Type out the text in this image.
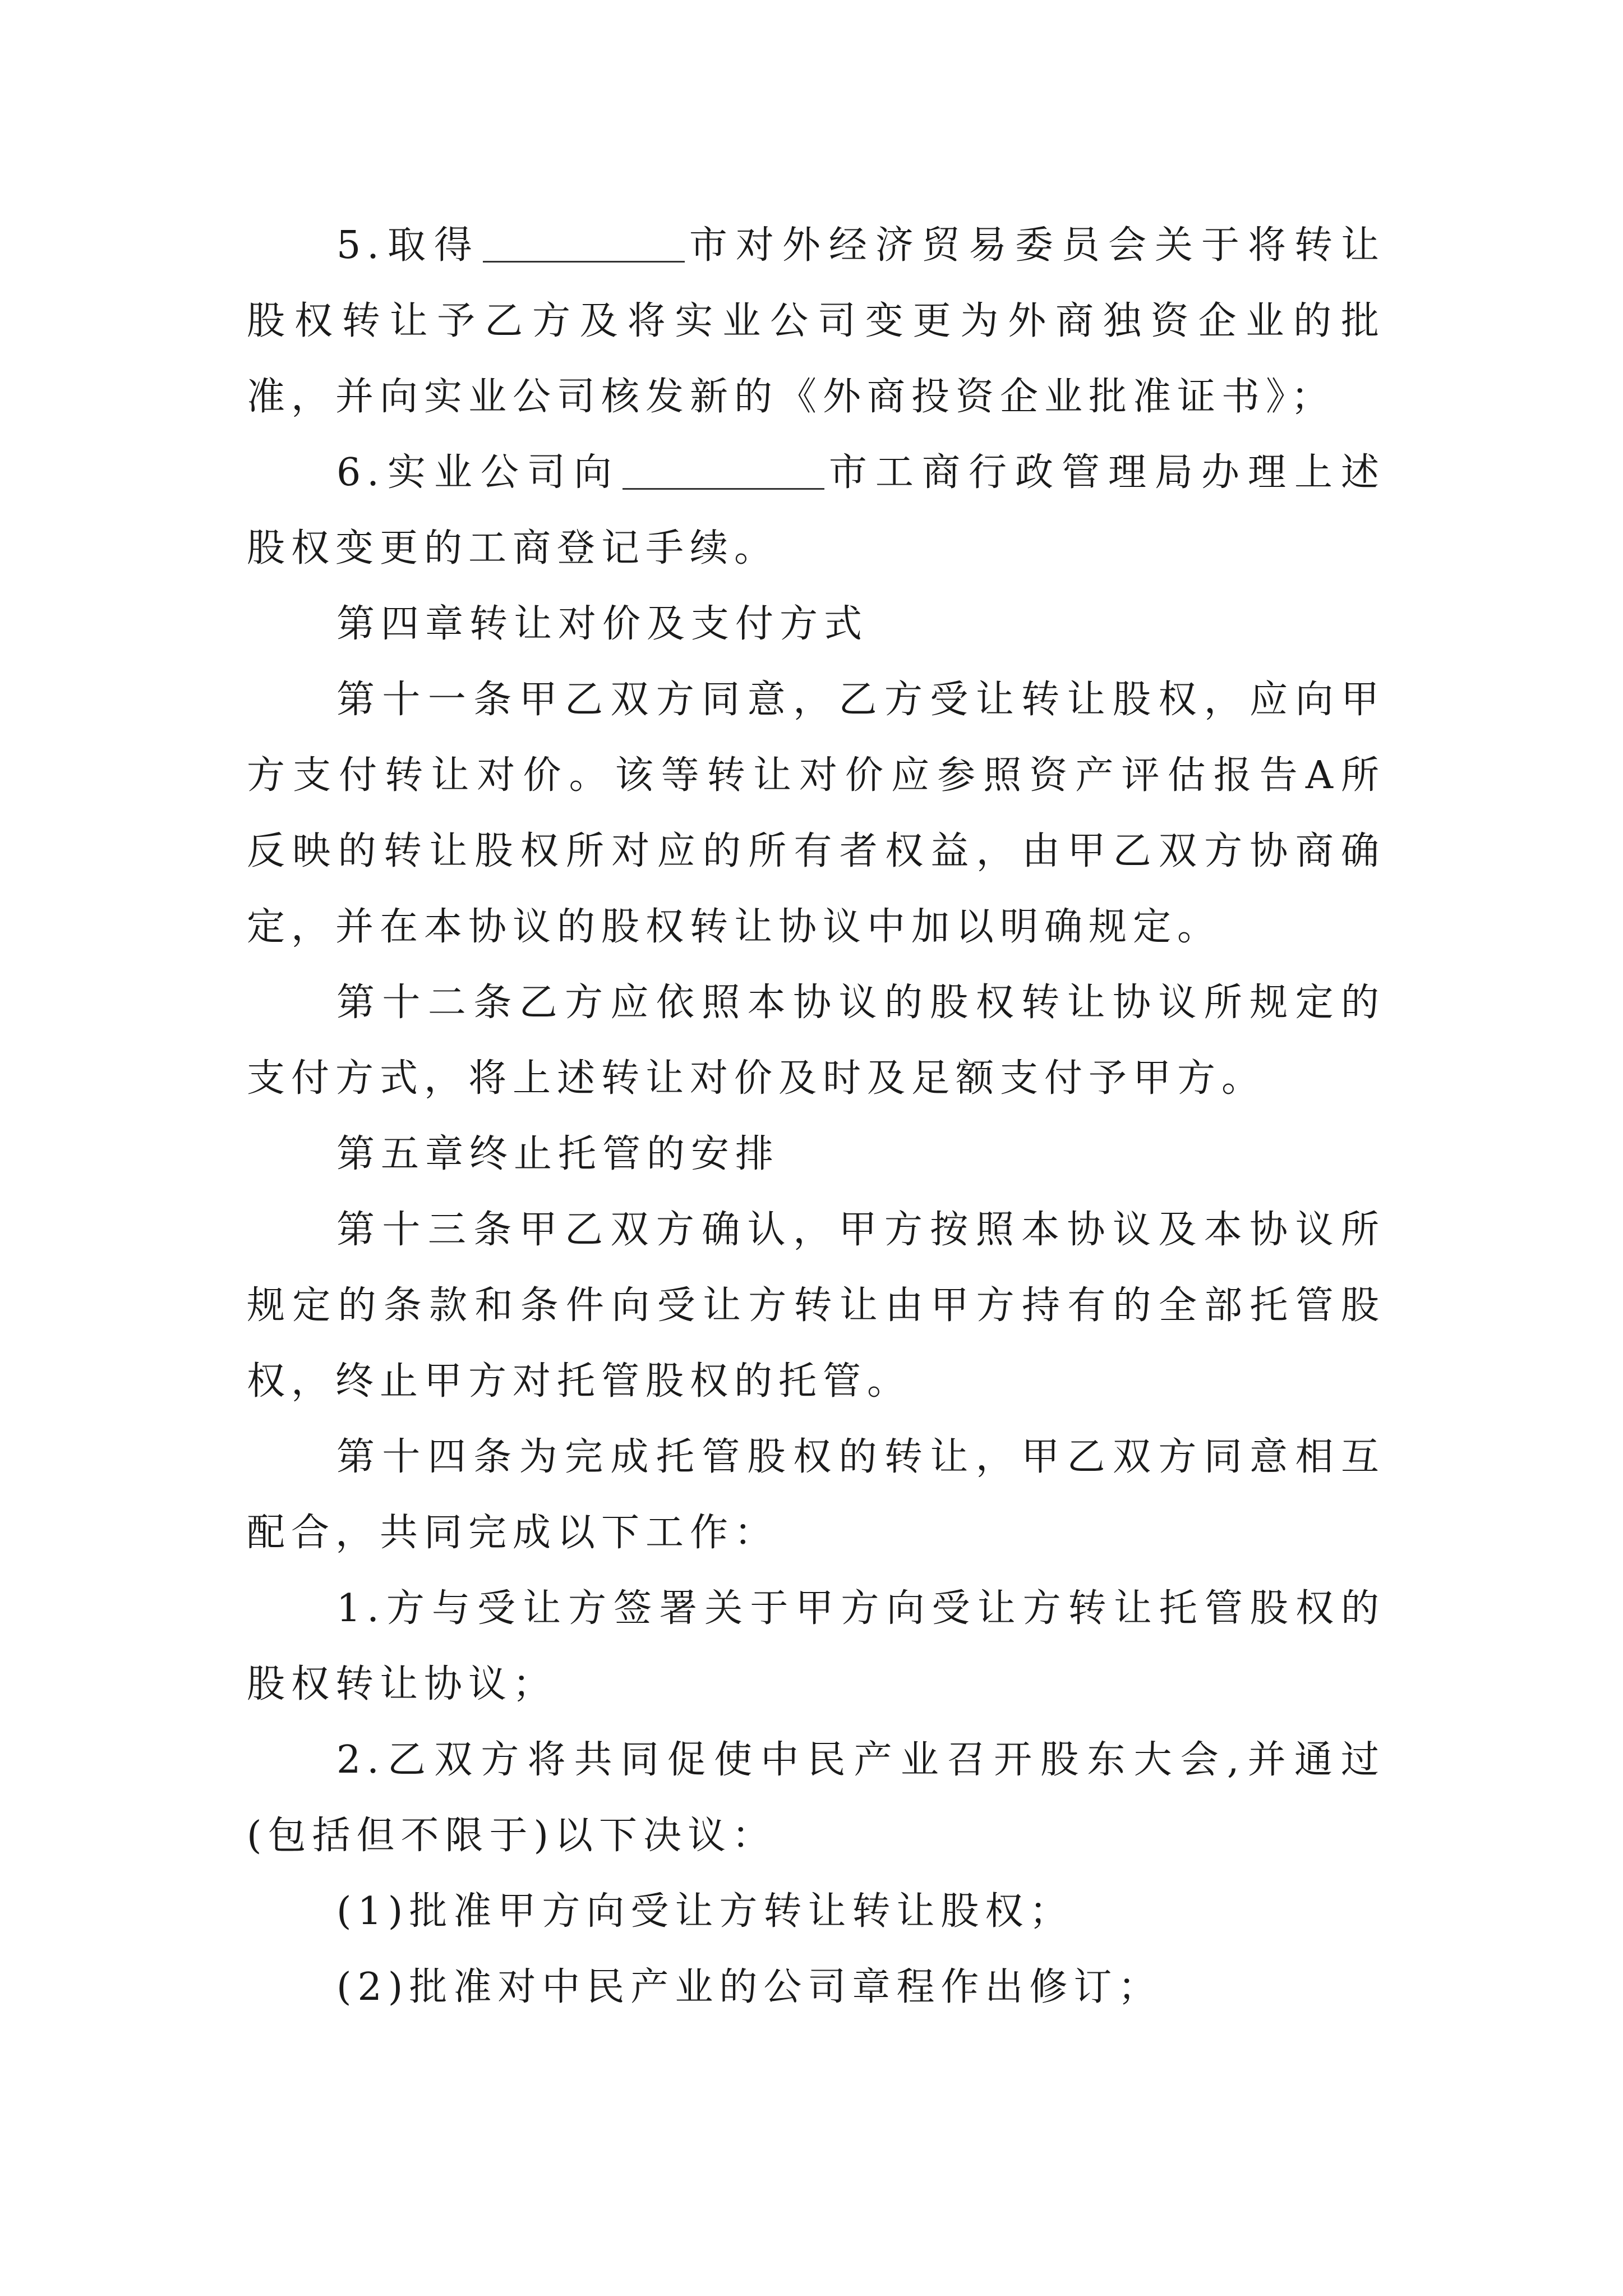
5.取得	市对外经济贸易委员会关于将转让股权转让予乙方及将实业公司变更为外商独资企业的批准，并向实业公司核发新的《外商投资企业批准证书》；

6.实业公司向	市工商行政管理局办理上述股权变更的工商登记手续。

第四章转让对价及支付方式

第十一条甲乙双方同意，乙方受让转让股权，应向甲方支付转让对价。该等转让对价应参照资产评估报告A所反映的转让股权所对应的所有者权益，由甲乙双方协商确定，并在本协议的股权转让协议中加以明确规定。

第十二条乙方应依照本协议的股权转让协议所规定的支付方式，将上述转让对价及时及足额支付予甲方。

第五章终止托管的安排

第十三条甲乙双方确认，甲方按照本协议及本协议所规定的条款和条件向受让方转让由甲方持有的全部托管股权，终止甲方对托管股权的托管。

第十四条为完成托管股权的转让，甲乙双方同意相互配合，共同完成以下工作：

1.方与受让方签署关于甲方向受让方转让托管股权的股权转让协议；

2.乙双方将共同促使中民产业召开股东大会,并通过(包括但不限于)以下决议：

(1)批准甲方向受让方转让转让股权；

(2)批准对中民产业的公司章程作出修订；
